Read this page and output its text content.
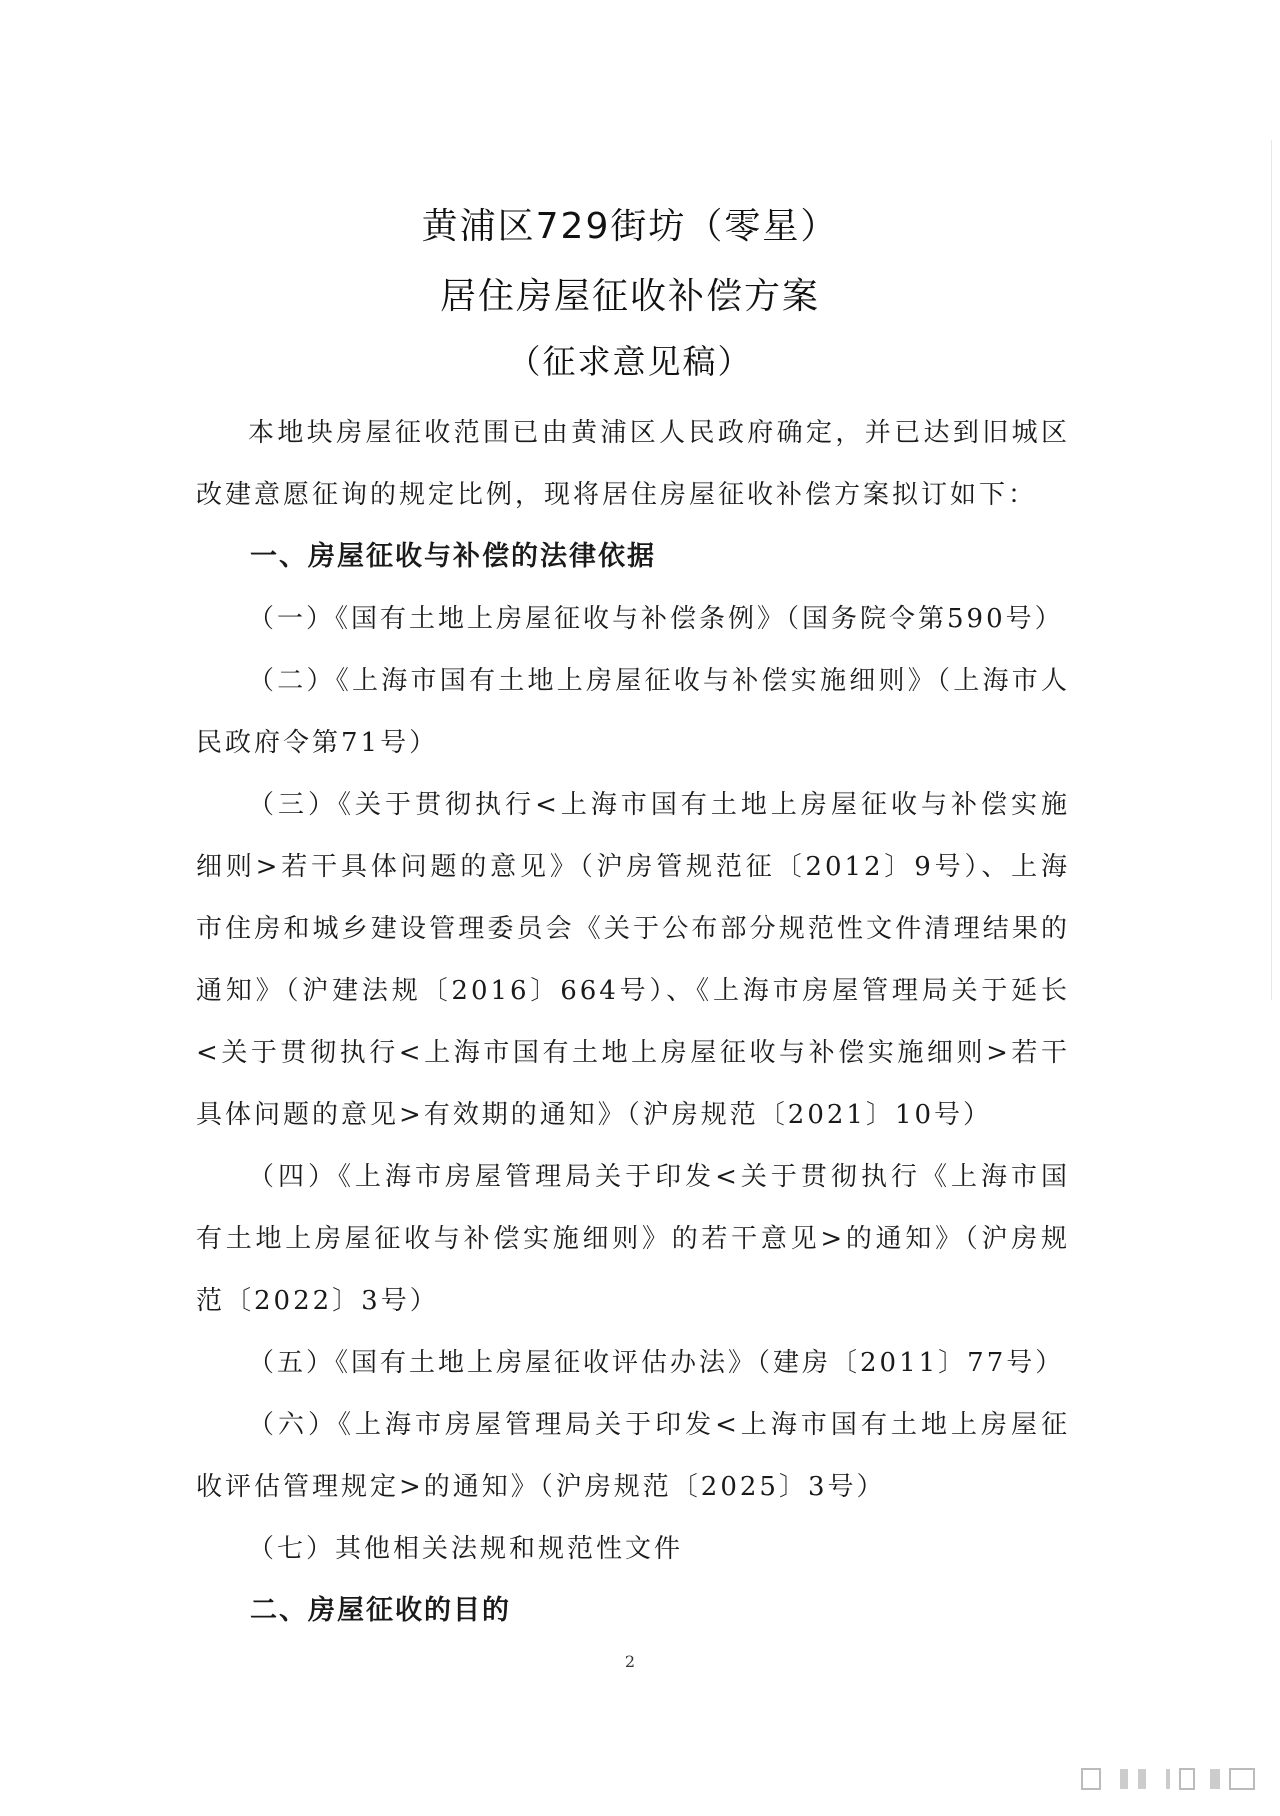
黄浦区729街坊（零星）
居住房屋征收补偿方案
（征求意见稿）

本地块房屋征收范围已由黄浦区人民政府确定，并已达到旧城区改建意愿征询的规定比例，现将居住房屋征收补偿方案拟订如下：

一、房屋征收与补偿的法律依据

（一）《国有土地上房屋征收与补偿条例》（国务院令第590号）

（二）《上海市国有土地上房屋征收与补偿实施细则》（上海市人民政府令第71号）

（三）《关于贯彻执行<上海市国有土地上房屋征收与补偿实施细则>若干具体问题的意见》（沪房管规范征〔2012〕9号）、上海市住房和城乡建设管理委员会《关于公布部分规范性文件清理结果的通知》（沪建法规〔2016〕664号）、《上海市房屋管理局关于延长<关于贯彻执行<上海市国有土地上房屋征收与补偿实施细则>若干具体问题的意见>有效期的通知》（沪房规范〔2021〕10号）

（四）《上海市房屋管理局关于印发<关于贯彻执行《上海市国有土地上房屋征收与补偿实施细则》的若干意见>的通知》（沪房规范〔2022〕3号）

（五）《国有土地上房屋征收评估办法》（建房〔2011〕77号）

（六）《上海市房屋管理局关于印发<上海市国有土地上房屋征收评估管理规定>的通知》（沪房规范〔2025〕3号）

（七）其他相关法规和规范性文件

二、房屋征收的目的

2
